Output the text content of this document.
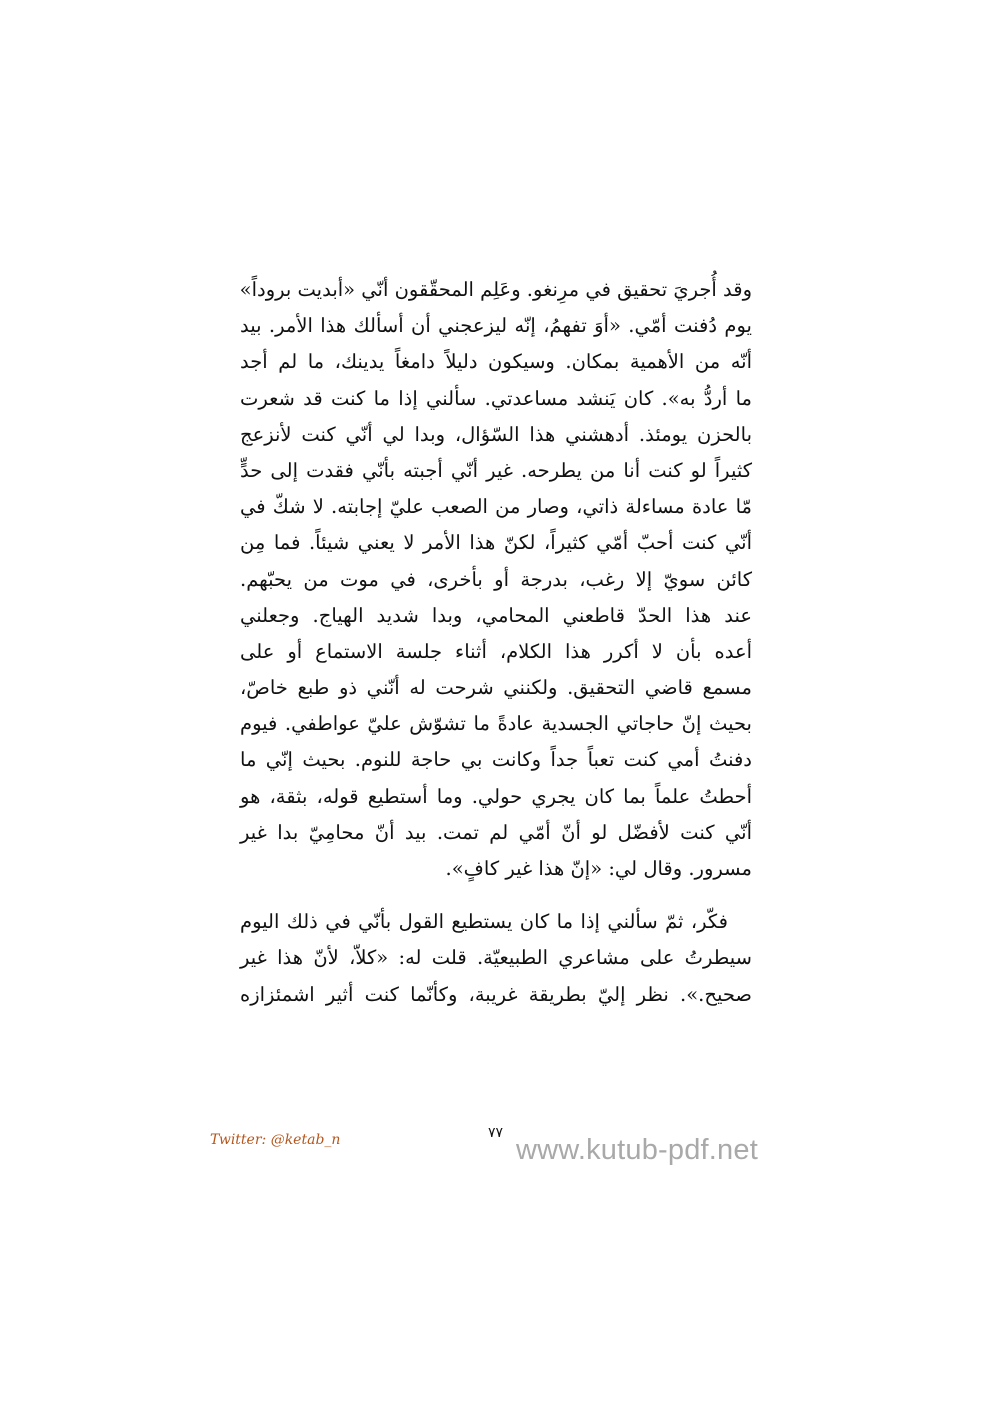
وقد أُجريَ تحقيق في مرِنغو. وعَلِم المحقّقون أنّي «أبديت بروداً»
يوم دُفنت أمّي. «أوَ تفهمُ، إنّه ليزعجني أن أسألك هذا الأمر. بيد
أنّه من الأهمية بمكان. وسيكون دليلاً دامغاً يدينك، ما لم أجد
ما أردُّ به». كان يَنشد مساعدتي. سألني إذا ما كنت قد شعرت
بالحزن يومئذ. أدهشني هذا السّؤال، وبدا لي أنّي كنت لأنزعج
كثيراً لو كنت أنا من يطرحه. غير أنّي أجبته بأنّي فقدت إلى حدٍّ
مّا عادة مساءلة ذاتي، وصار من الصعب عليّ إجابته. لا شكّ في
أنّي كنت أحبّ أمّي كثيراً، لكنّ هذا الأمر لا يعني شيئاً. فما مِن
كائن سويّ إلا رغب، بدرجة أو بأخرى، في موت من يحبّهم.
عند هذا الحدّ قاطعني المحامي، وبدا شديد الهياج. وجعلني
أعده بأن لا أكرر هذا الكلام، أثناء جلسة الاستماع أو على
مسمع قاضي التحقيق. ولكنني شرحت له أنّني ذو طبع خاصّ،
بحيث إنّ حاجاتي الجسدية عادةً ما تشوّش عليّ عواطفي. فيوم
دفنتُ أمي كنت تعباً جداً وكانت بي حاجة للنوم. بحيث إنّي ما
أحطتُ علماً بما كان يجري حولي. وما أستطيع قوله، بثقة، هو
أنّي كنت لأفضّل لو أنّ أمّي لم تمت. بيد أنّ محامِيّ بدا غير
مسرور. وقال لي: «إنّ هذا غير كافٍ».
فكّر، ثمّ سألني إذا ما كان يستطيع القول بأنّي في ذلك اليوم
سيطرتُ على مشاعري الطبيعيّة. قلت له: «كلاّ، لأنّ هذا غير
صحيح.». نظر إليّ بطريقة غريبة، وكأنّما كنت أثير اشمئزازه
Twitter: @ketab_n	٧٧
www.kutub-pdf.net
